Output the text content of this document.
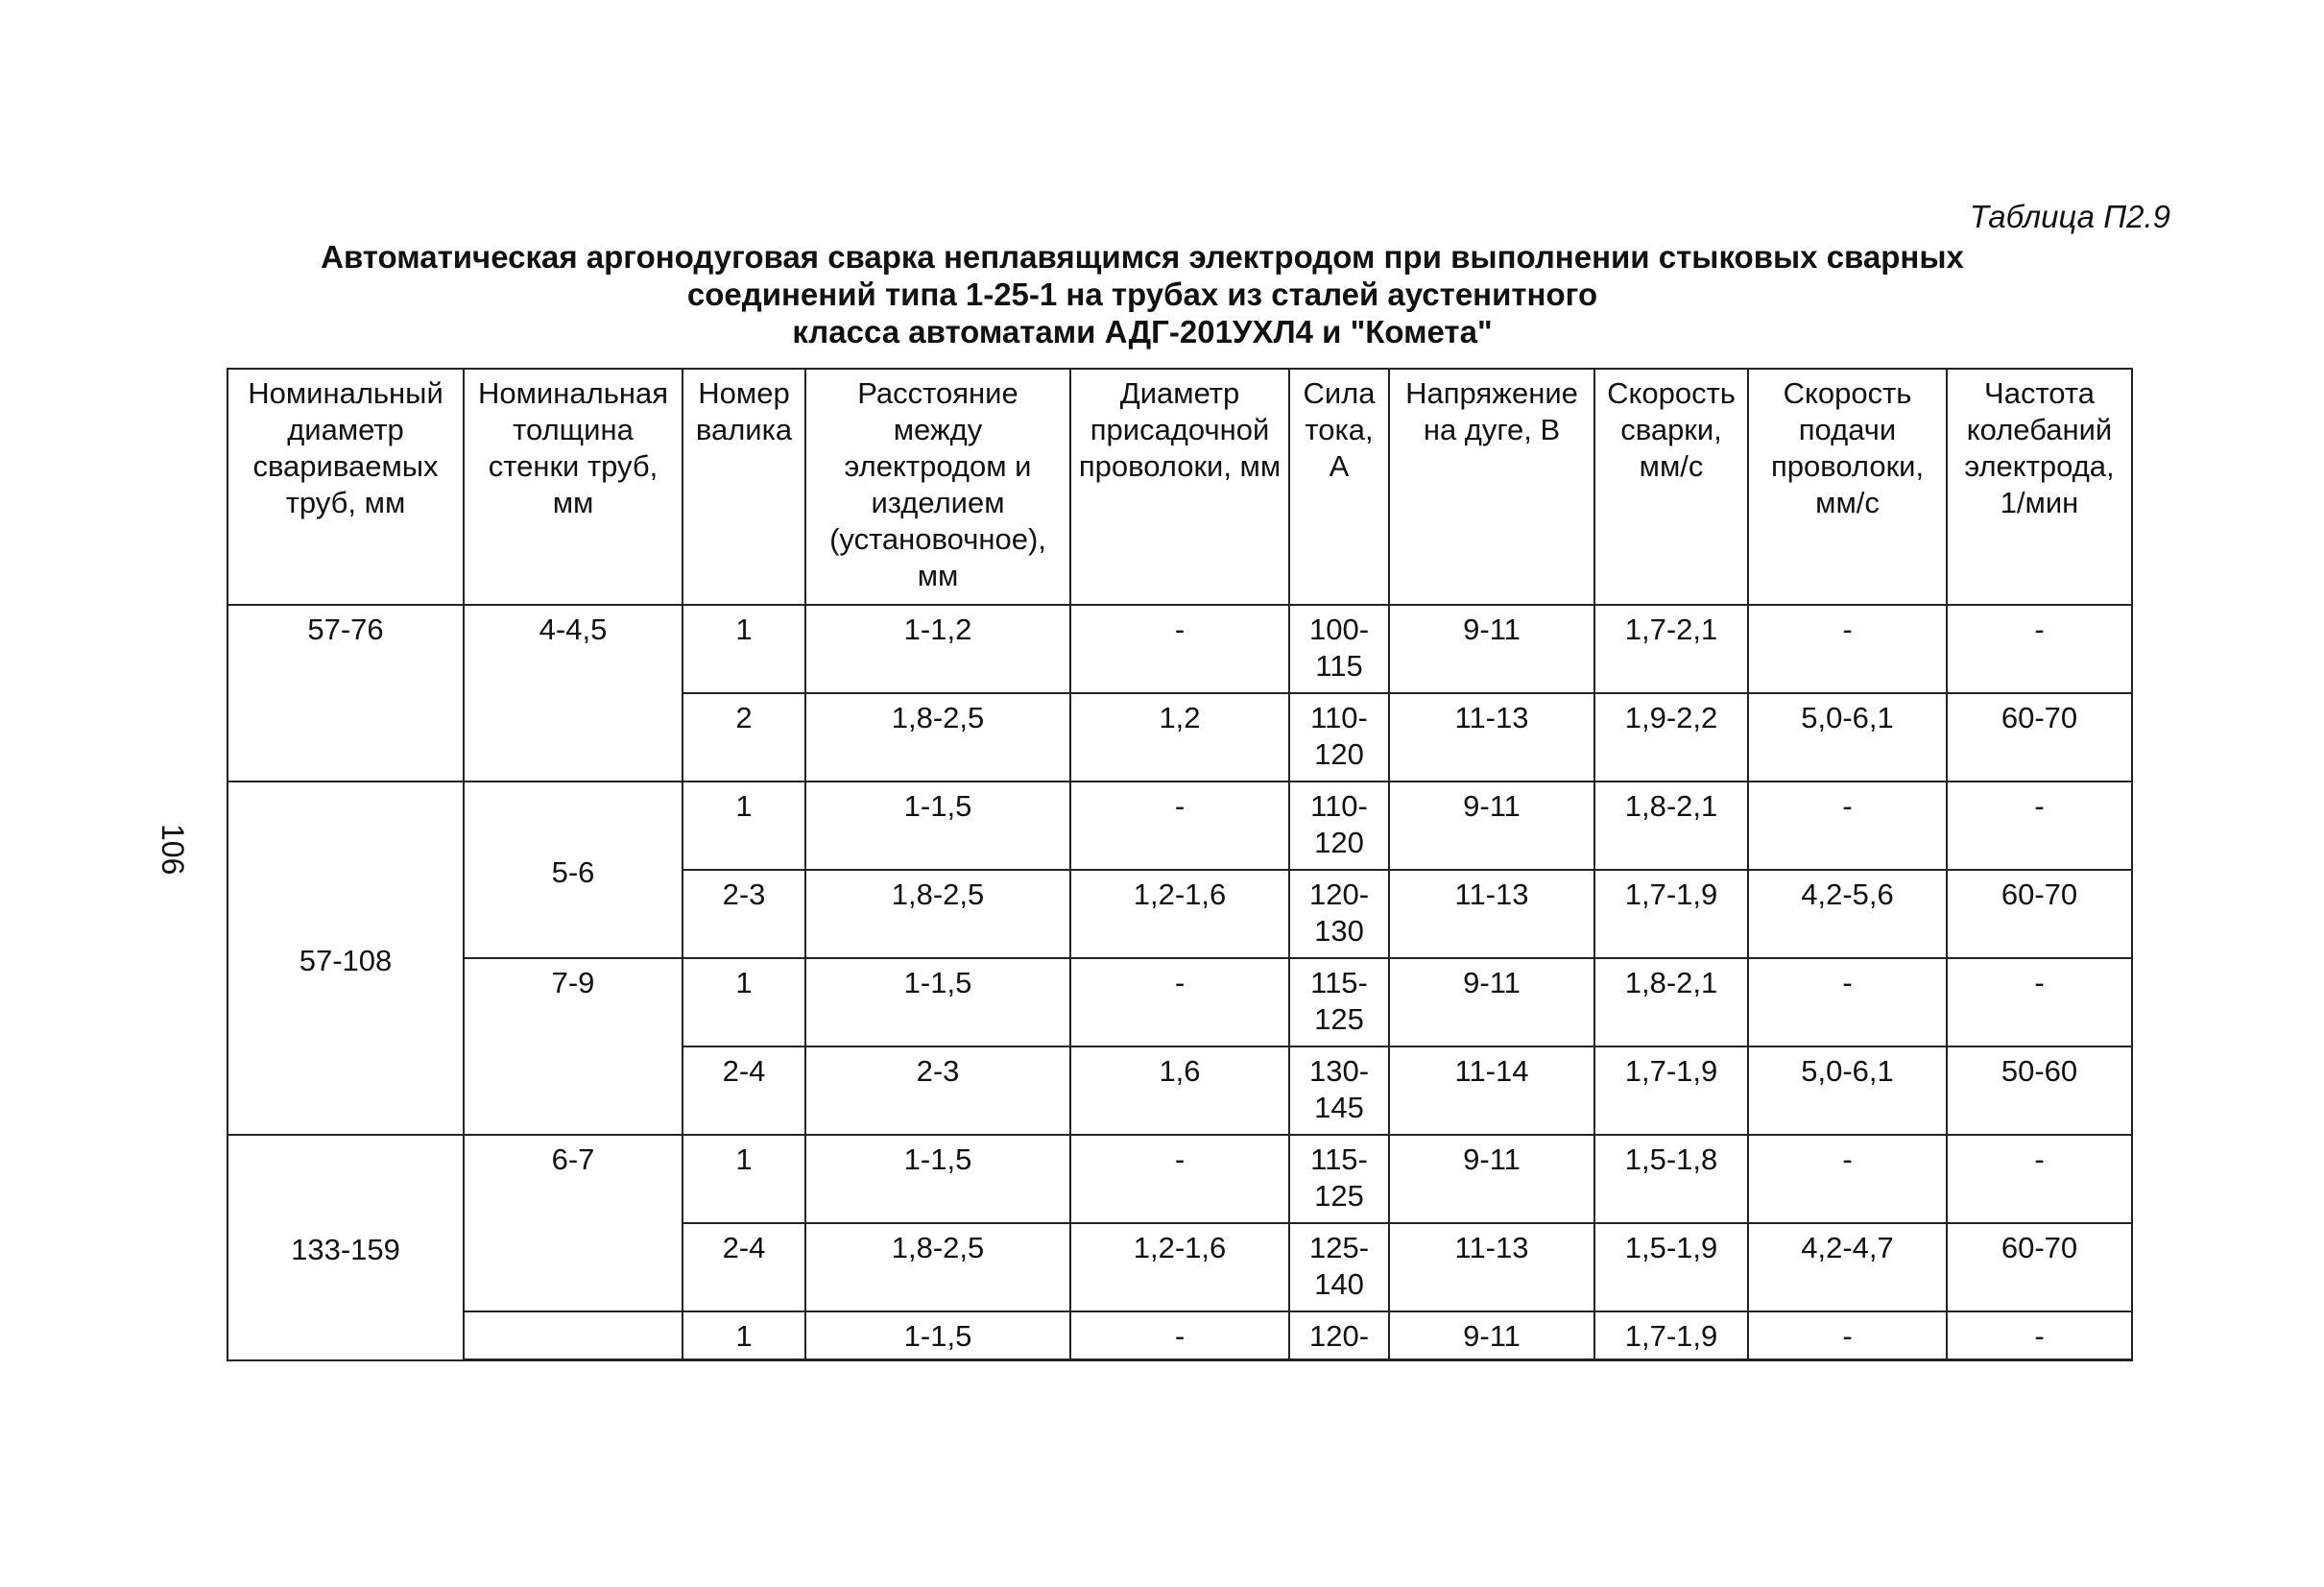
Таблица П2.9
Автоматическая аргонодуговая сварка неплавящимся электродом при выполнении стыковых сварных
соединений типа 1-25-1 на трубах из сталей аустенитного
класса автоматами АДГ-201УХЛ4 и "Комета"
106
Номинальный диаметр свариваемых труб, мм	Номинальная толщина стенки труб, мм	Номер валика	Расстояние между электродом и изделием (установочное), мм	Диаметр присадочной проволоки, мм	Сила тока, А	Напряжение на дуге, В	Скорость сварки, мм/с	Скорость подачи проволоки, мм/с	Частота колебаний электрода, 1/мин
57-76	4-4,5	1	1-1,2	-	100-115	9-11	1,7-2,1	-	-
		2	1,8-2,5	1,2	110-120	11-13	1,9-2,2	5,0-6,1	60-70
57-108	5-6	1	1-1,5	-	110-120	9-11	1,8-2,1	-	-
		2-3	1,8-2,5	1,2-1,6	120-130	11-13	1,7-1,9	4,2-5,6	60-70
	7-9	1	1-1,5	-	115-125	9-11	1,8-2,1	-	-
		2-4	2-3	1,6	130-145	11-14	1,7-1,9	5,0-6,1	50-60
133-159	6-7	1	1-1,5	-	115-125	9-11	1,5-1,8	-	-
		2-4	1,8-2,5	1,2-1,6	125-140	11-13	1,5-1,9	4,2-4,7	60-70
		1	1-1,5	-	120-	9-11	1,7-1,9	-	-
